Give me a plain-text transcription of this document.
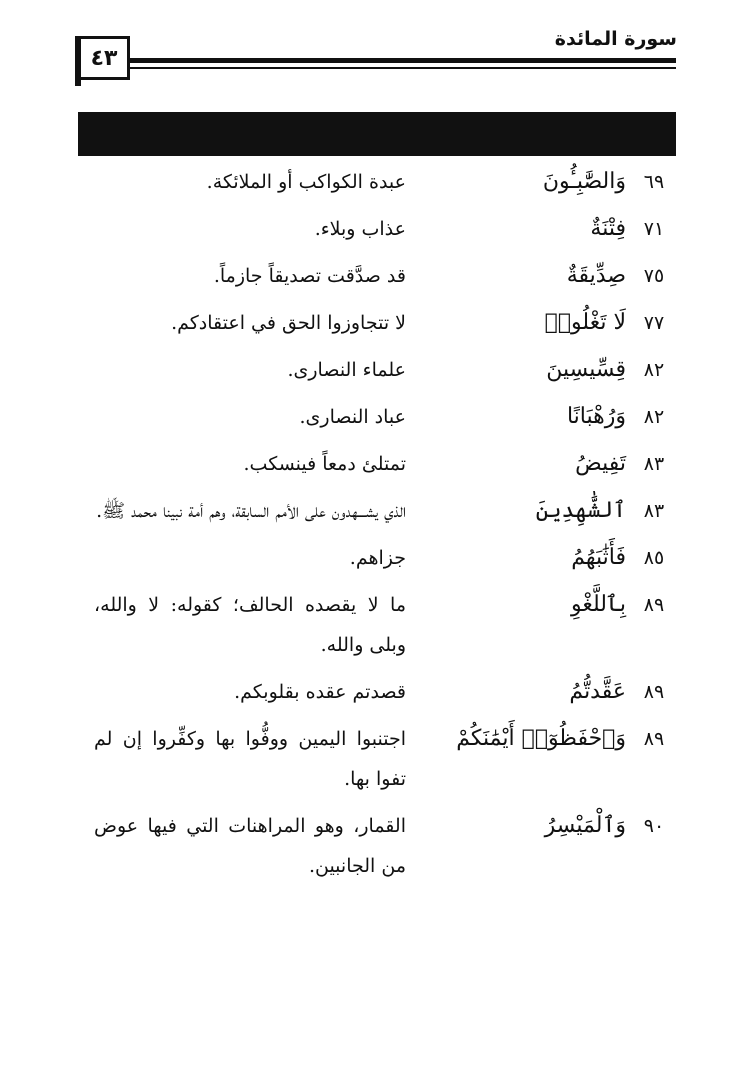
٤٣
سورة المائدة
٦٩
وَالصَّٰبِـُٔونَ
عبدة الكواكب أو الملائكة.
٧١
فِتْنَةٌ
عذاب وبلاء.
٧٥
صِدِّيقَةٌ
قد صدَّقت تصديقاً جازماً.
٧٧
لَا تَغْلُوا۟
لا تتجاوزوا الحق في اعتقادكم.
٨٢
قِسِّيسِينَ
علماء النصارى.
٨٢
وَرُهْبَانًا
عباد النصارى.
٨٣
تَفِيضُ
تمتلئ دمعاً فينسكب.
٨٣
ٱلشَّٰهِدِينَ
الذي يشـــهدون على الأمم السابقة، وهم أمة نبينا محمد ﷺ.
٨٥
فَأَثَٰبَهُمُ
جزاهم.
٨٩
بِٱللَّغْوِ
ما لا يقصده الحالف؛ كقوله: لا والله، وبلى والله.
٨٩
عَقَّدتُّمُ
قصدتم عقده بقلوبكم.
٨٩
وَٱحْفَظُوٓا۟ أَيْمَٰنَكُمْ
اجتنبوا اليمين ووفُّوا بها وكفِّروا إن لم تفوا بها.
٩٠
وَٱلْمَيْسِرُ
القمار، وهو المراهنات التي فيها عوض من الجانبين.
